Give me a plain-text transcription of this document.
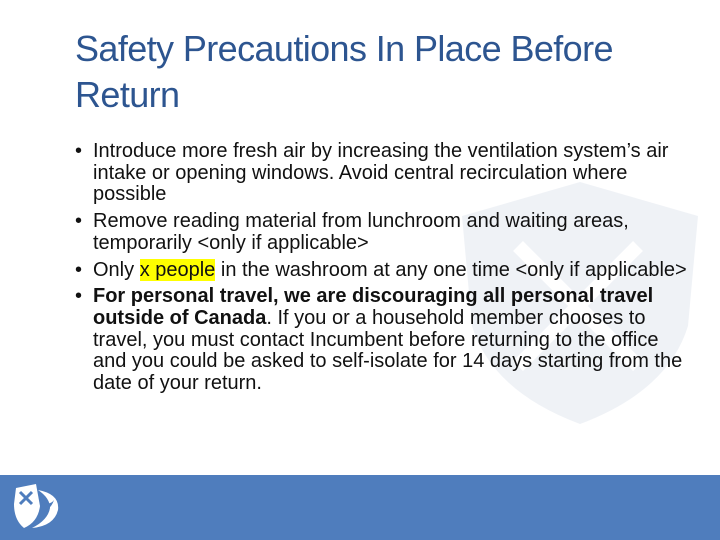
Safety Precautions In Place Before
Return
• Introduce more fresh air by increasing the ventilation system’s air intake or opening windows. Avoid central recirculation where possible
• Remove reading material from lunchroom and waiting areas, temporarily <only if applicable>
• Only x people in the washroom at any one time <only if applicable>
• For personal travel, we are discouraging all personal travel outside of Canada. If you or a household member chooses to travel, you must contact Incumbent before returning to the office and you could be asked to self-isolate for 14 days starting from the date of your return.
